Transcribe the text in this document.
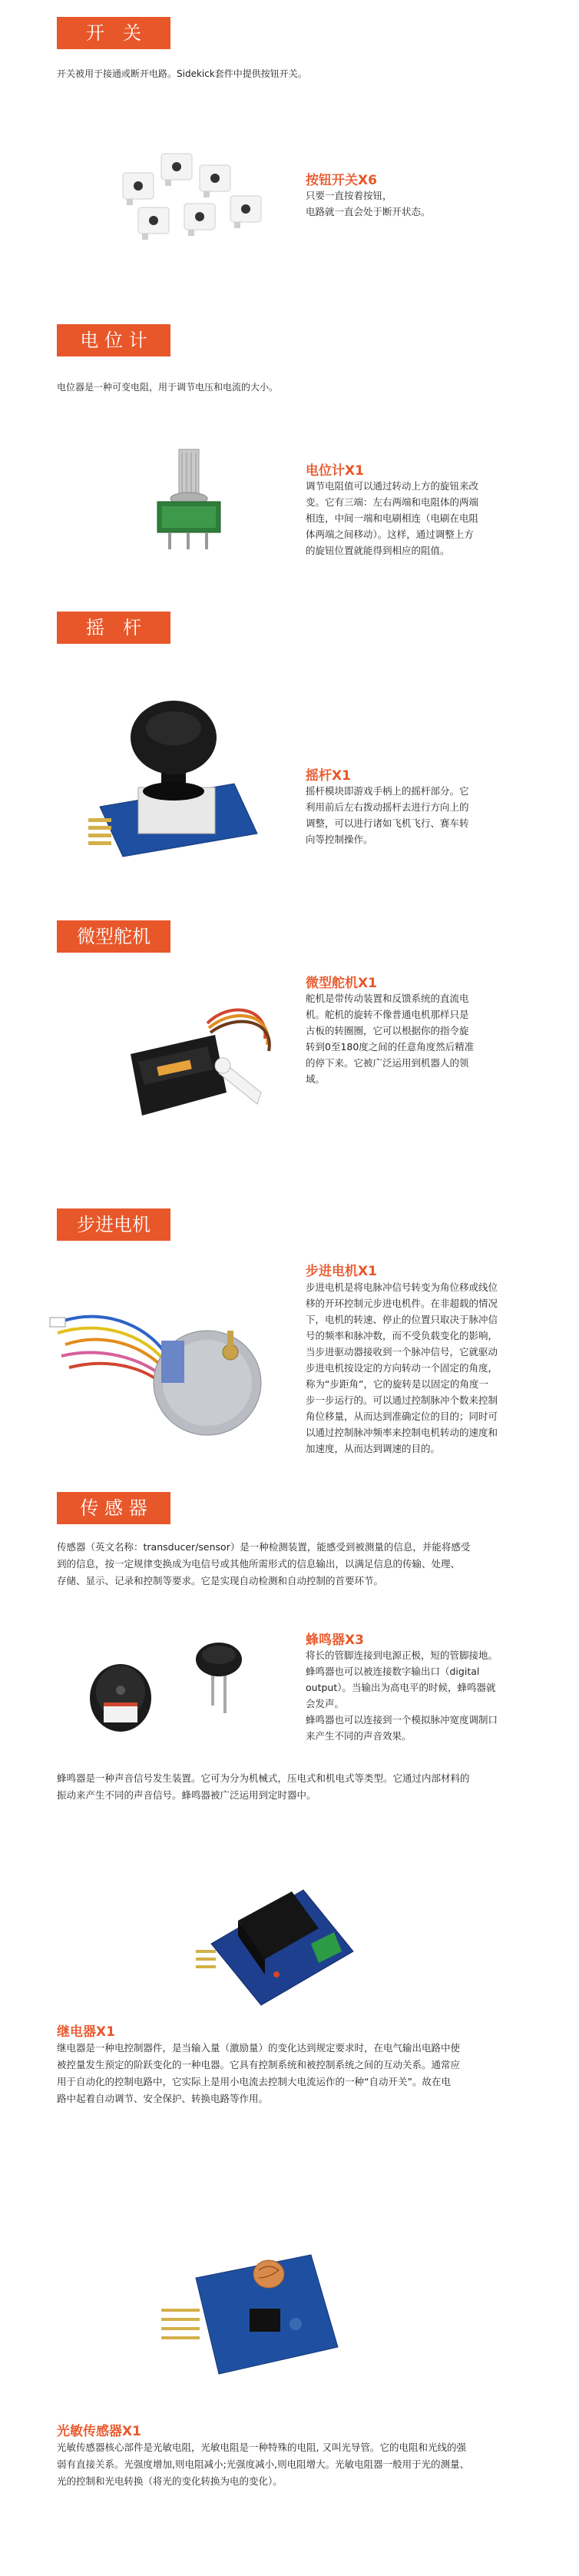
开　关
开关被用于接通或断开电路。Sidekick套件中提供按钮开关。
按钮开关X6
只要一直按着按钮，
电路就一直会处于断开状态。
电 位 计
电位器是一种可变电阻，用于调节电压和电流的大小。
电位计X1
调节电阻值可以通过转动上方的旋钮来改
变。它有三端：左右两端和电阻体的两端
相连，中间一端和电刷相连（电刷在电阻
体两端之间移动）。这样，通过调整上方
的旋钮位置就能得到相应的阻值。
摇　杆
摇杆X1
摇杆模块即游戏手柄上的摇杆部分。它
利用前后左右拨动摇杆去进行方向上的
调整，可以进行诸如飞机飞行、赛车转
向等控制操作。
微型舵机
微型舵机X1
舵机是带传动装置和反馈系统的直流电
机。舵机的旋转不像普通电机那样只是
古板的转圈圈，它可以根据你的指令旋
转到0至180度之间的任意角度然后精准
的停下来。它被广泛运用到机器人的领
域。
步进电机
步进电机X1
步进电机是将电脉冲信号转变为角位移或线位
移的开环控制元步进电机件。在非超载的情况
下，电机的转速、停止的位置只取决于脉冲信
号的频率和脉冲数，而不受负载变化的影响，
当步进驱动器接收到一个脉冲信号，它就驱动
步进电机按设定的方向转动一个固定的角度，
称为“步距角”，它的旋转是以固定的角度一
步一步运行的。可以通过控制脉冲个数来控制
角位移量，从而达到准确定位的目的；同时可
以通过控制脉冲频率来控制电机转动的速度和
加速度，从而达到调速的目的。
传 感 器
传感器（英文名称：transducer/sensor）是一种检测装置，能感受到被测量的信息，并能将感受
到的信息，按一定规律变换成为电信号或其他所需形式的信息输出，以满足信息的传输、处理、
存储、显示、记录和控制等要求。它是实现自动检测和自动控制的首要环节。
蜂鸣器X3
将长的管脚连接到电源正极，短的管脚接地。
蜂鸣器也可以被连接数字输出口（digital
output）。当输出为高电平的时候，蜂鸣器就
会发声。
蜂鸣器也可以连接到一个模拟脉冲宽度调制口
来产生不同的声音效果。
蜂鸣器是一种声音信号发生装置。它可为分为机械式，压电式和机电式等类型。它通过内部材料的
振动来产生不同的声音信号。蜂鸣器被广泛运用到定时器中。
继电器X1
继电器是一种电控制器件，是当输入量（激励量）的变化达到规定要求时，在电气输出电路中使
被控量发生预定的阶跃变化的一种电器。它具有控制系统和被控制系统之间的互动关系。通常应
用于自动化的控制电路中，它实际上是用小电流去控制大电流运作的一种“自动开关”。故在电
路中起着自动调节、安全保护、转换电路等作用。
光敏传感器X1
光敏传感器核心部件是光敏电阻，光敏电阻是一种特殊的电阻, 又叫光导管。它的电阻和光线的强
弱有直接关系。光强度增加,则电阻减小;光强度减小,则电阻增大。光敏电阻器一般用于光的测量、
光的控制和光电转换（将光的变化转换为电的变化）。
